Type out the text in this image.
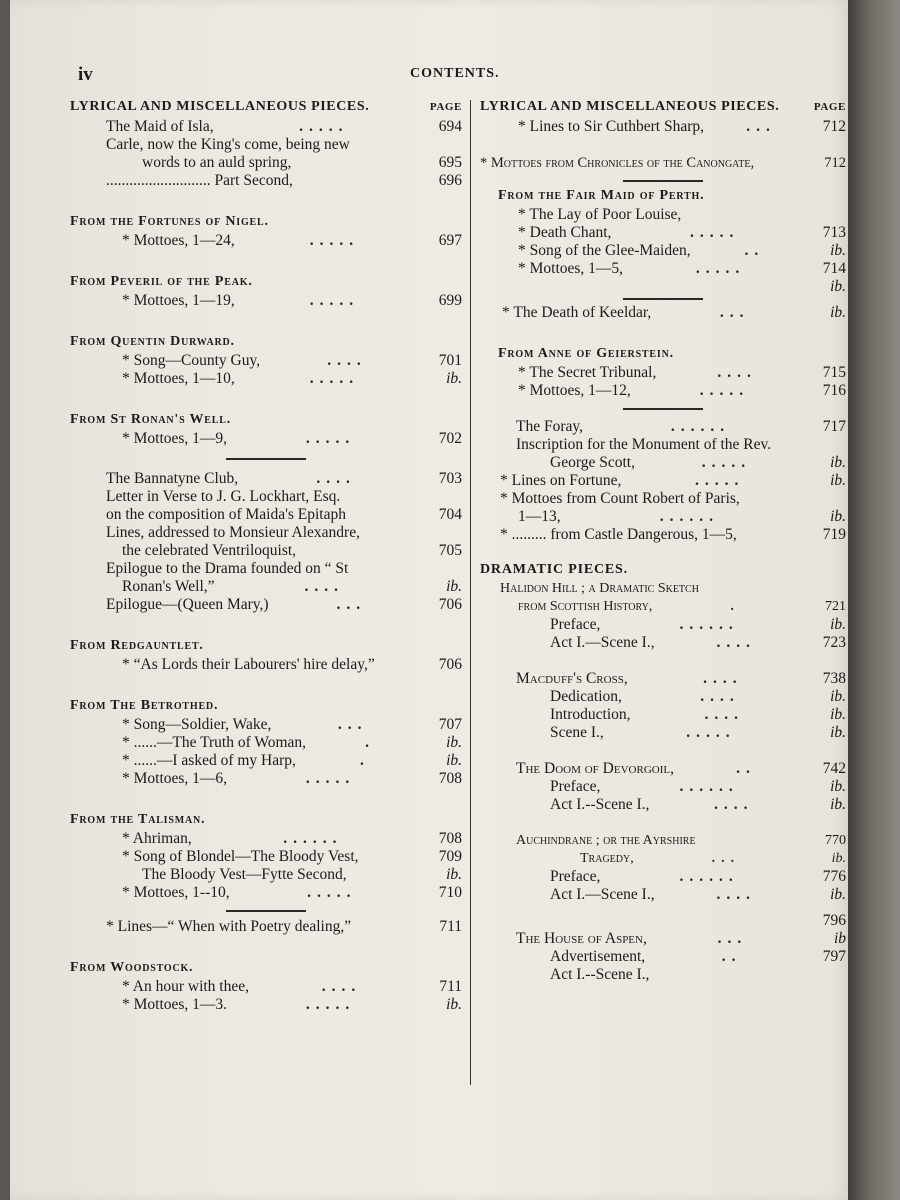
iv	CONTENTS.
LYRICAL AND MISCELLANEOUS PIECES.	PAGE
The Maid of Isla,	.....	694
Carle, now the King's come, being new
words to an auld spring,	695
........................... Part Second,	696
From the Fortunes of Nigel.
* Mottoes, 1—24,	.....	697
From Peveril of the Peak.
* Mottoes, 1—19,	.....	699
From Quentin Durward.
* Song—County Guy,	....	701
* Mottoes, 1—10,	.....	ib.
From St Ronan's Well.
* Mottoes, 1—9,	.....	702
The Bannatyne Club,	....	703
Letter in Verse to J. G. Lockhart, Esq.
on the composition of Maida's Epitaph	704
Lines, addressed to Monsieur Alexandre,
the celebrated Ventriloquist,	705
Epilogue to the Drama founded on “ St
Ronan's Well,”	....	ib.
Epilogue—(Queen Mary,)	...	706
From Redgauntlet.
* “As Lords their Labourers' hire delay,”	706
From The Betrothed.
* Song—Soldier, Wake,	...	707
* ......—The Truth of Woman,	.	ib.
* ......—I asked of my Harp,	.	ib.
* Mottoes, 1—6,	.....	708
From the Talisman.
* Ahriman,	......	708
* Song of Blondel—The Bloody Vest,	709
The Bloody Vest—Fytte Second,	ib.
* Mottoes, 1--10,	.....	710
* Lines—“ When with Poetry dealing,”	711
From Woodstock.
* An hour with thee,	....	711
* Mottoes, 1—3.	.....	ib.
LYRICAL AND MISCELLANEOUS PIECES.	PAGE
* Lines to Sir Cuthbert Sharp,	...	712
* Mottoes from Chronicles of the Canongate,	712
From the Fair Maid of Perth.
* The Lay of Poor Louise,
* Death Chant,	.....	713
* Song of the Glee-Maiden,	..	ib.
* Mottoes, 1—5,	.....	714
ib.
* The Death of Keeldar,	...	ib.
From Anne of Geierstein.
* The Secret Tribunal,	....	715
* Mottoes, 1—12,	.....	716
The Foray,	......	717
Inscription for the Monument of the Rev.
George Scott,	.....	ib.
* Lines on Fortune,	.....	ib.
* Mottoes from Count Robert of Paris,
1—13,	......	ib.
* ......... from Castle Dangerous, 1—5,	719
DRAMATIC PIECES.
Halidon Hill ; a Dramatic Sketch
from Scottish History,	.	721
Preface,	......	ib.
Act I.—Scene I.,	....	723
Macduff's Cross,	....	738
Dedication,	....	ib.
Introduction,	....	ib.
Scene I.,	.....	ib.
The Doom of Devorgoil,	..	742
Preface,	......	ib.
Act I.--Scene I.,	....	ib.
Auchindrane ; or the Ayrshire	770
Tragedy,	...	ib.
Preface,	......	776
Act I.—Scene I.,	....	ib.
796
The House of Aspen,	...	ib
Advertisement,	..	797
Act I.--Scene I.,
